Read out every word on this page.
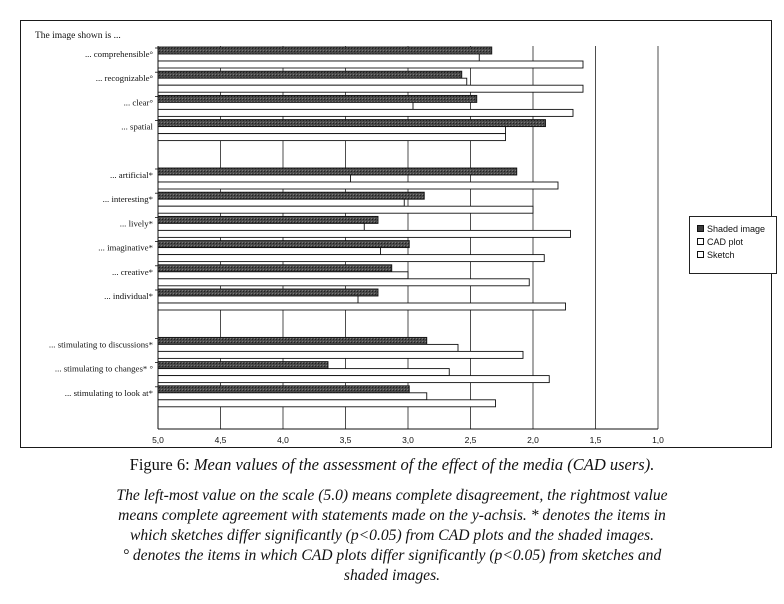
The image shown is ...
5,0	4,5	4,0	3,5	3,0	2,5	2,0	1,5	1,0
... comprehensible°
... recognizable°
... clear°
... spatial
... artificial*
... interesting*
... lively*
... imaginative*
... creative*
... individual*
... stimulating to discussions*
... stimulating to changes* °
... stimulating to look at*
Shaded image
CAD plot
Sketch
Figure 6: Mean values of the assessment of the effect of the media (CAD users).
The left-most value on the scale (5.0) means complete disagreement, the rightmost value
means complete agreement with statements made on the y-achsis. * denotes the items in
which sketches differ significantly (p<0.05) from CAD plots and the shaded images.
° denotes the items in which CAD plots differ significantly (p<0.05) from sketches and
shaded images.
